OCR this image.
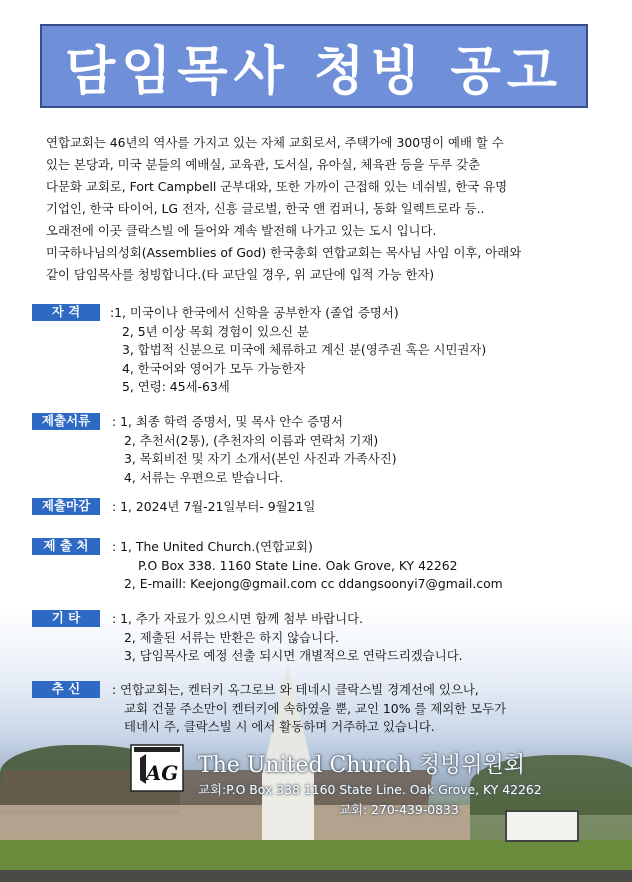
담임목사 청빙 공고

연합교회는 46년의 역사를 가지고 있는 자체 교회로서, 주택가에 300명이 예배 할 수

있는 본당과, 미국 분들의 예배실, 교육관, 도서실, 유아실, 체육관 등을 두루 갖춘

다문화 교회로, Fort Campbell 군부대와, 또한 가까이 근접해 있는 네쉬빌, 한국 유명

기업인, 한국 타이어, LG 전자, 신흥 글로벌, 한국 앤 컴퍼니, 동화 일렉트로라 등..

오래전에 이곳 클락스빌 에 들어와 계속 발전해 나가고 있는 도시 입니다.

미국하나님의성회(Assemblies of God) 한국총회 연합교회는 목사님 사임 이후, 아래와

같이 담임목사를 청빙합니다.(타 교단일 경우, 위 교단에 입적 가능 한자)

자 격	:1, 미국이나 한국에서 신학을 공부한자 (졸업 증명서)
2, 5년 이상 목회 경험이 있으신 분
3, 합법적 신분으로 미국에 체류하고 계신 분(영주권 혹은 시민권자)
4, 한국어와 영어가 모두 가능한자
5, 연령: 45세-63세
제출서류	: 1, 최종 학력 증명서, 및 목사 안수 증명서
2, 추천서(2통), (추천자의 이름과 연락처 기재)
3, 목회비전 및 자기 소개서(본인 사진과 가족사진)
4, 서류는 우편으로 받습니다.
제출마감	: 1, 2024년 7월-21일부터- 9월21일
제 출 처	: 1, The United Church.(연합교회)
P.O Box 338. 1160 State Line. Oak Grove, KY 42262
2, E-maill: Keejong@gmail.com cc ddangsoonyi7@gmail.com
기 타	: 1, 추가 자료가 있으시면 함께 첨부 바랍니다.
2, 제출된 서류는 반환은 하지 않습니다.
3, 담임목사로 예정 선출 되시면 개별적으로 연락드리겠습니다.
추 신	: 연합교회는, 켄터키 옥그로브 와 테네시 클락스빌 경계선에 있으나,
교회 건물 주소만이 켄터키에 속하였을 뿐, 교인 10% 를 제외한 모두가
테네시 주, 클락스빌 시 에서 활동하며 거주하고 있습니다.
AG The United Church 청빙위원회
교회:P.O Box 338 1160 State Line. Oak Grove, KY 42262
교회: 270-439-0833
